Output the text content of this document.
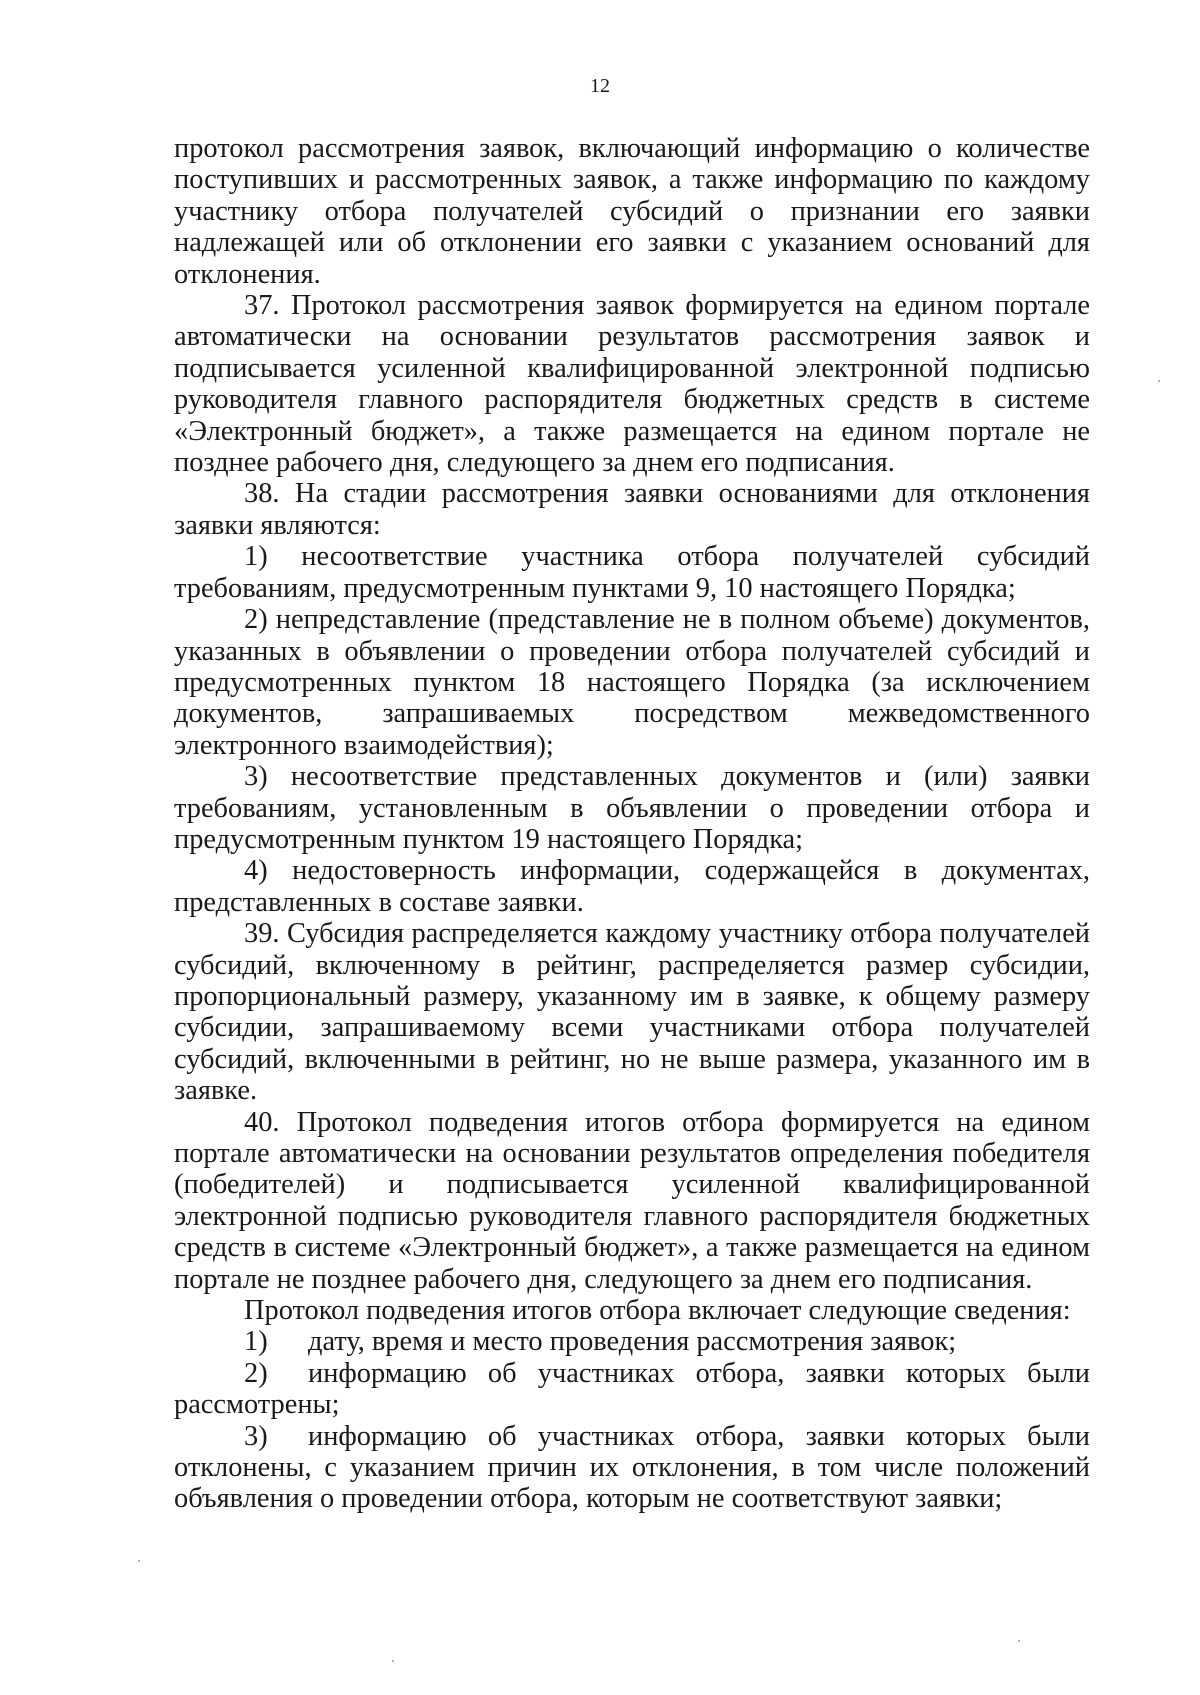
12

протокол рассмотрения заявок, включающий информацию о количестве поступивших и рассмотренных заявок, а также информацию по каждому участнику отбора получателей субсидий о признании его заявки надлежащей или об отклонении его заявки с указанием оснований для отклонения.

37. Протокол рассмотрения заявок формируется на едином портале автоматически на основании результатов рассмотрения заявок и подписывается усиленной квалифицированной электронной подписью руководителя главного распорядителя бюджетных средств в системе «Электронный бюджет», а также размещается на едином портале не позднее рабочего дня, следующего за днем его подписания.

38. На стадии рассмотрения заявки основаниями для отклонения заявки являются:

1) несоответствие участника отбора получателей субсидий требованиям, предусмотренным пунктами 9, 10 настоящего Порядка;

2) непредставление (представление не в полном объеме) документов, указанных в объявлении о проведении отбора получателей субсидий и предусмотренных пунктом 18 настоящего Порядка (за исключением документов, запрашиваемых посредством межведомственного электронного взаимодействия);

3) несоответствие представленных документов и (или) заявки требованиям, установленным в объявлении о проведении отбора и предусмотренным пунктом 19 настоящего Порядка;

4) недостоверность информации, содержащейся в документах, представленных в составе заявки.

39. Субсидия распределяется каждому участнику отбора получателей субсидий, включенному в рейтинг, распределяется размер субсидии, пропорциональный размеру, указанному им в заявке, к общему размеру субсидии, запрашиваемому всеми участниками отбора получателей субсидий, включенными в рейтинг, но не выше размера, указанного им в заявке.

40. Протокол подведения итогов отбора формируется на едином портале автоматически на основании результатов определения победителя (победителей) и подписывается усиленной квалифицированной электронной подписью руководителя главного распорядителя бюджетных средств в системе «Электронный бюджет», а также размещается на едином портале не позднее рабочего дня, следующего за днем его подписания.

Протокол подведения итогов отбора включает следующие сведения:

1) дату, время и место проведения рассмотрения заявок;

2) информацию об участниках отбора, заявки которых были рассмотрены;

3) информацию об участниках отбора, заявки которых были отклонены, с указанием причин их отклонения, в том числе положений объявления о проведении отбора, которым не соответствуют заявки;
